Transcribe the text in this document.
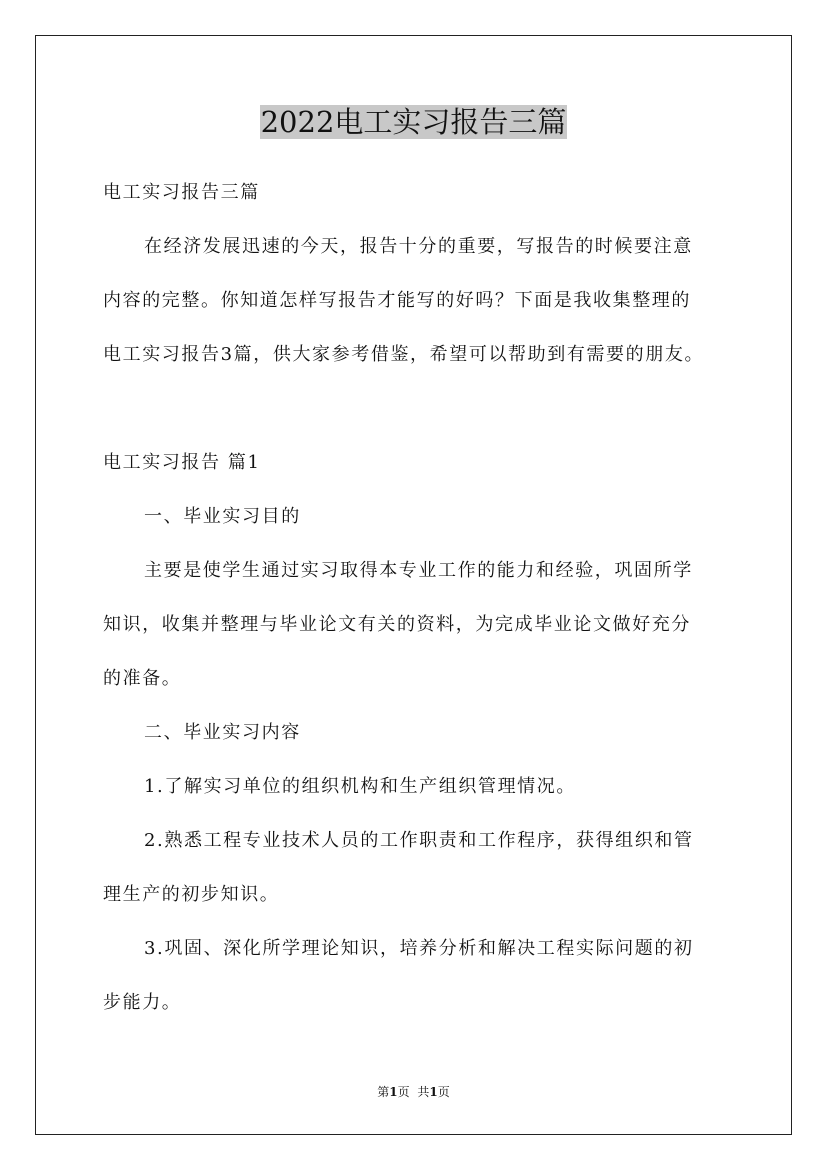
2022电工实习报告三篇
电工实习报告三篇
在经济发展迅速的今天，报告十分的重要，写报告的时候要注意
内容的完整。你知道怎样写报告才能写的好吗？下面是我收集整理的
电工实习报告3篇，供大家参考借鉴，希望可以帮助到有需要的朋友。
电工实习报告 篇1
一、毕业实习目的
主要是使学生通过实习取得本专业工作的能力和经验，巩固所学
知识，收集并整理与毕业论文有关的资料，为完成毕业论文做好充分
的准备。
二、毕业实习内容
1.了解实习单位的组织机构和生产组织管理情况。
2.熟悉工程专业技术人员的工作职责和工作程序，获得组织和管
理生产的初步知识。
3.巩固、深化所学理论知识，培养分析和解决工程实际问题的初
步能力。
第1页 共1页
